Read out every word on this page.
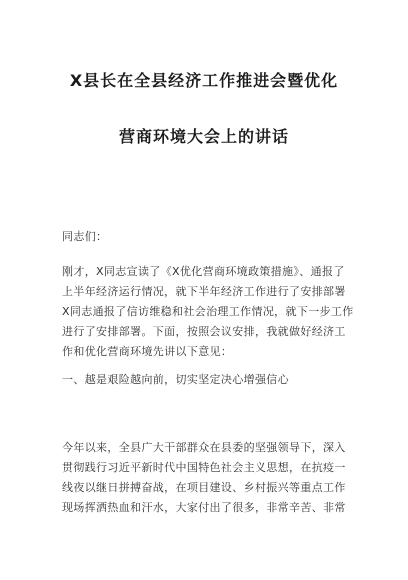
X县长在全县经济工作推进会暨优化
营商环境大会上的讲话
同志们：
刚才，X同志宣读了《X优化营商环境政策措施》、通报了
上半年经济运行情况，就下半年经济工作进行了安排部署
X同志通报了信访维稳和社会治理工作情况，就下一步工作
进行了安排部署。下面，按照会议安排，我就做好经济工
作和优化营商环境先讲以下意见：
一、越是艰险越向前，切实坚定决心增强信心
今年以来，全县广大干部群众在县委的坚强领导下，深入
贯彻践行习近平新时代中国特色社会主义思想，在抗疫一
线夜以继日拼搏奋战，在项目建设、乡村振兴等重点工作
现场挥洒热血和汗水，大家付出了很多，非常辛苦、非常
